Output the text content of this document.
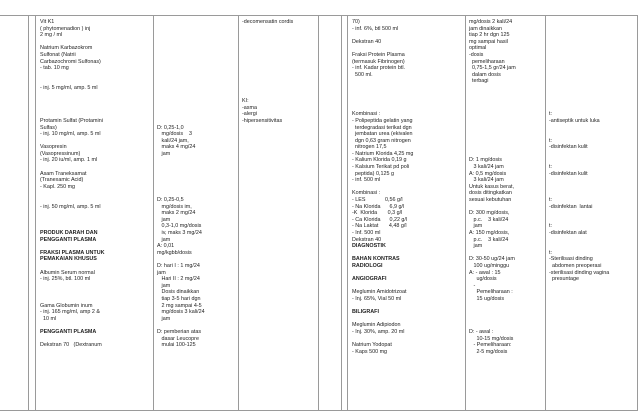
Vit K1
( phytomenadion ) inj
2 mg / ml
Natrium Karbazokrom
Sulfonat (Natrii
Carbazochromi Sulfonas)
- tab. 10 mg
- inj. 5 mg/ml, amp. 5 ml
Protamin Sulfat (Protamini
Sulfas)
- inj. 10 mg/ml, amp. 5 ml
Vasopresin
(Vasopressinum)
- inj. 20 iu/ml, amp. 1 ml
Asam Traneksamat
(Tranexamic Acid)
- Kapl. 250 mg
- inj. 50 mg/ml, amp. 5 ml
PRODUK DARAH DAN
PENGGANTI PLASMA
FRAKSI PLASMA UNTUK
PEMAKAIAN KHUSUS
Albumin Serum normal
- inj. 25%, btl. 100 ml
Gama Globumin inum
- inj. 165 mg/ml, amp 2 &
10 ml
PENGGANTI PLASMA
Dekstran 70   (Dextranum
D: 0,25-1,0
mg/dosis    3
kali/24 jam,
maks 4 mg/24
jam
D: 0,25-0,5
mg/dosis im,
maks 2 mg/24
jam
0,3-1,0 mg/dosis
iv, maks 3 mg/24
jam
A: 0,01
mg/kgbb/dosis
D: hari I : 1 mg/24
jam
Hari II : 2 mg/24
jam
Dosis dinaikkan
tiap 3-5 hari dgn
2 mg sampai 4-5
mg/dosis 3 kali/24
jam
D: pemberian atas
dasar Leucopre
mulai 100-125
-decomensatin cordis
KI:
-asma
-alergi
-hipersensitivitas
70)
- inf. 6%, btl 500 ml
Dekstran 40
Fraksi Protein Plasma
(termasuk Fibrinogen)
- inf. Kadar protein btl.
500 ml.
Kombinasi :
- Polipeptida gelatin yang
terdegradasi terikat dgn
jembatan urea (ekivalen
dgn 0,63 gram nitrogen
nitrogen 17,5
- Natrium Klorida 4,25 mg
- Kalium Klorida 0,19 g
- Kalsium Terikat pd poli
peptida) 0,125 g
- inf. 500 ml
Kombinasi :
- LES             0,56 g/l
- Na Klorida      6,9 g/l
-K  Klorida       0,3 g/l
- Ca Klorida      0,22 g/l
- Na Laktat       4,48 g/l
- Inf. 500 ml
Dekstran 40
DIAGNOSTIK
BAHAN KONTRAS
RADIOLOGI
ANGIOGRAFI
Meglumin Amidotrizoat
- Inj. 65%, Vial 50 ml
BILIGRAFI
Meglumin Adipiodon
- Inj. 30%, amp. 20 ml
Natrium Yodopat
- Kaps 500 mg
mg/dosis 2 kali/24
jam dinaikkan
tiap 2 hr dgn 125
mg sampai hasil
optimal
-dosis
pemeliharaan
0,75-1,5 gr/24 jam
dalam dosis
terbagi
D: 1 mg/dosis
3 kali/24 jam
A: 0,5 mg/dosis
3 kali/24 jam
Untuk kasus berat,
dosis ditingkatkan
sesuai kebutuhan
D: 300 mg/dosis,
p.c.    3 kali/24
jam
A: 150 mg/dosis,
p.c.    3 kali/24
jam
D: 30-50 ug/24 jam
100 ug/minggu
A: - awal : 15
ug/dosis
-
Pemeliharaan :
15 ug/dosis
D: - awal :
10-15 mg/dosis
- Pemeliharaan:
2-5 mg/dosis
t:
-antiseptik untuk luka
t:
-disinfektan kulit
t:
-disinfektan kulit
t:
-disinfektan  lantai
t:
-disinfektan alat
t:
-Sterilisasi dinding
abdomen preoperasi
-sterilisasi dinding vagina
presuntage
